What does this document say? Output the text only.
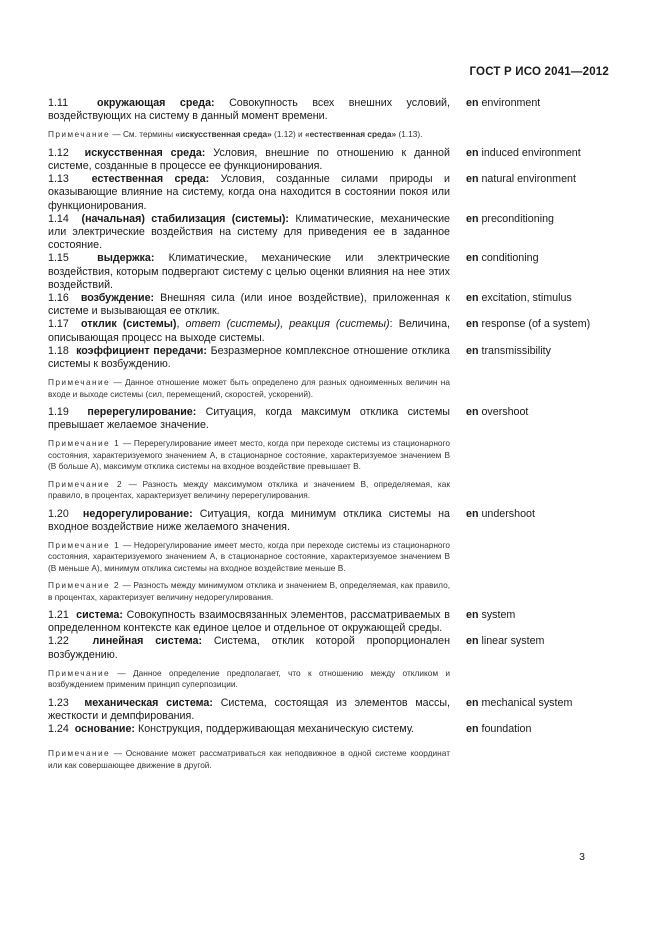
ГОСТ Р ИСО 2041—2012
1.11	окружающая среда: Совокупность всех внешних условий, воздействующих на систему в данный момент времени.
en environment
Примечание — См. термины «искусственная среда» (1.12) и «естественная среда» (1.13).
1.12 искусственная среда: Условия, внешние по отношению к данной системе, созданные в процессе ее функционирования.
en induced environment
1.13 естественная среда: Условия, созданные силами природы и оказывающие влияние на систему, когда она находится в состоянии покоя или функционирования.
en natural environment
1.14 (начальная) стабилизация (системы): Климатические, механические или электрические воздействия на систему для приведения ее в заданное состояние.
en preconditioning
1.15	выдержка: Климатические, механические или электрические воздействия, которым подвергают систему с целью оценки влияния на нее этих воздействий.
en conditioning
1.16 возбуждение: Внешняя сила (или иное воздействие), приложенная к системе и вызывающая ее отклик.
en excitation, stimulus
1.17 отклик (системы), ответ (системы), реакция (системы): Величина, описывающая процесс на выходе системы.
en response (of a system)
1.18 коэффициент передачи: Безразмерное комплексное отношение отклика системы к возбуждению.
en transmissibility
Примечание — Данное отношение может быть определено для разных одноименных величин на входе и выходе системы (сил, перемещений, скоростей, ускорений).
1.19 перерегулирование: Ситуация, когда максимум отклика системы превышает желаемое значение.
en overshoot
Примечание 1 — Перерегулирование имеет место, когда при переходе системы из стационарного состояния, характеризуемого значением А, в стационарное состояние, характеризуемое значением В (В больше А), максимум отклика системы на входное воздействие превышает В.
Примечание 2 — Разность между максимумом отклика и значением В, определяемая, как правило, в процентах, характеризует величину перерегулирования.
1.20 недорегулирование: Ситуация, когда минимум отклика системы на входное воздействие ниже желаемого значения.
en undershoot
Примечание 1 — Недорегулирование имеет место, когда при переходе системы из стационарного состояния, характеризуемого значением А, в стационарное состояние, характеризуемое значением В (В меньше А), минимум отклика системы на входное воздействие меньше В.
Примечание 2 — Разность между минимумом отклика и значением В, определяемая, как правило, в процентах, характеризует величину недорегулирования.
1.21 система: Совокупность взаимосвязанных элементов, рассматриваемых в определенном контексте как единое целое и отдельное от окружающей среды.
en system
1.22 линейная система: Система, отклик которой пропорционален возбуждению.
en linear system
Примечание — Данное определение предполагает, что к отношению между откликом и возбуждением применим принцип суперпозиции.
1.23 механическая система: Система, состоящая из элементов массы, жесткости и демпфирования.
en mechanical system
1.24 основание: Конструкция, поддерживающая механическую систему.	en foundation
Примечание — Основание может рассматриваться как неподвижное в одной системе координат или как совершающее движение в другой.
3
